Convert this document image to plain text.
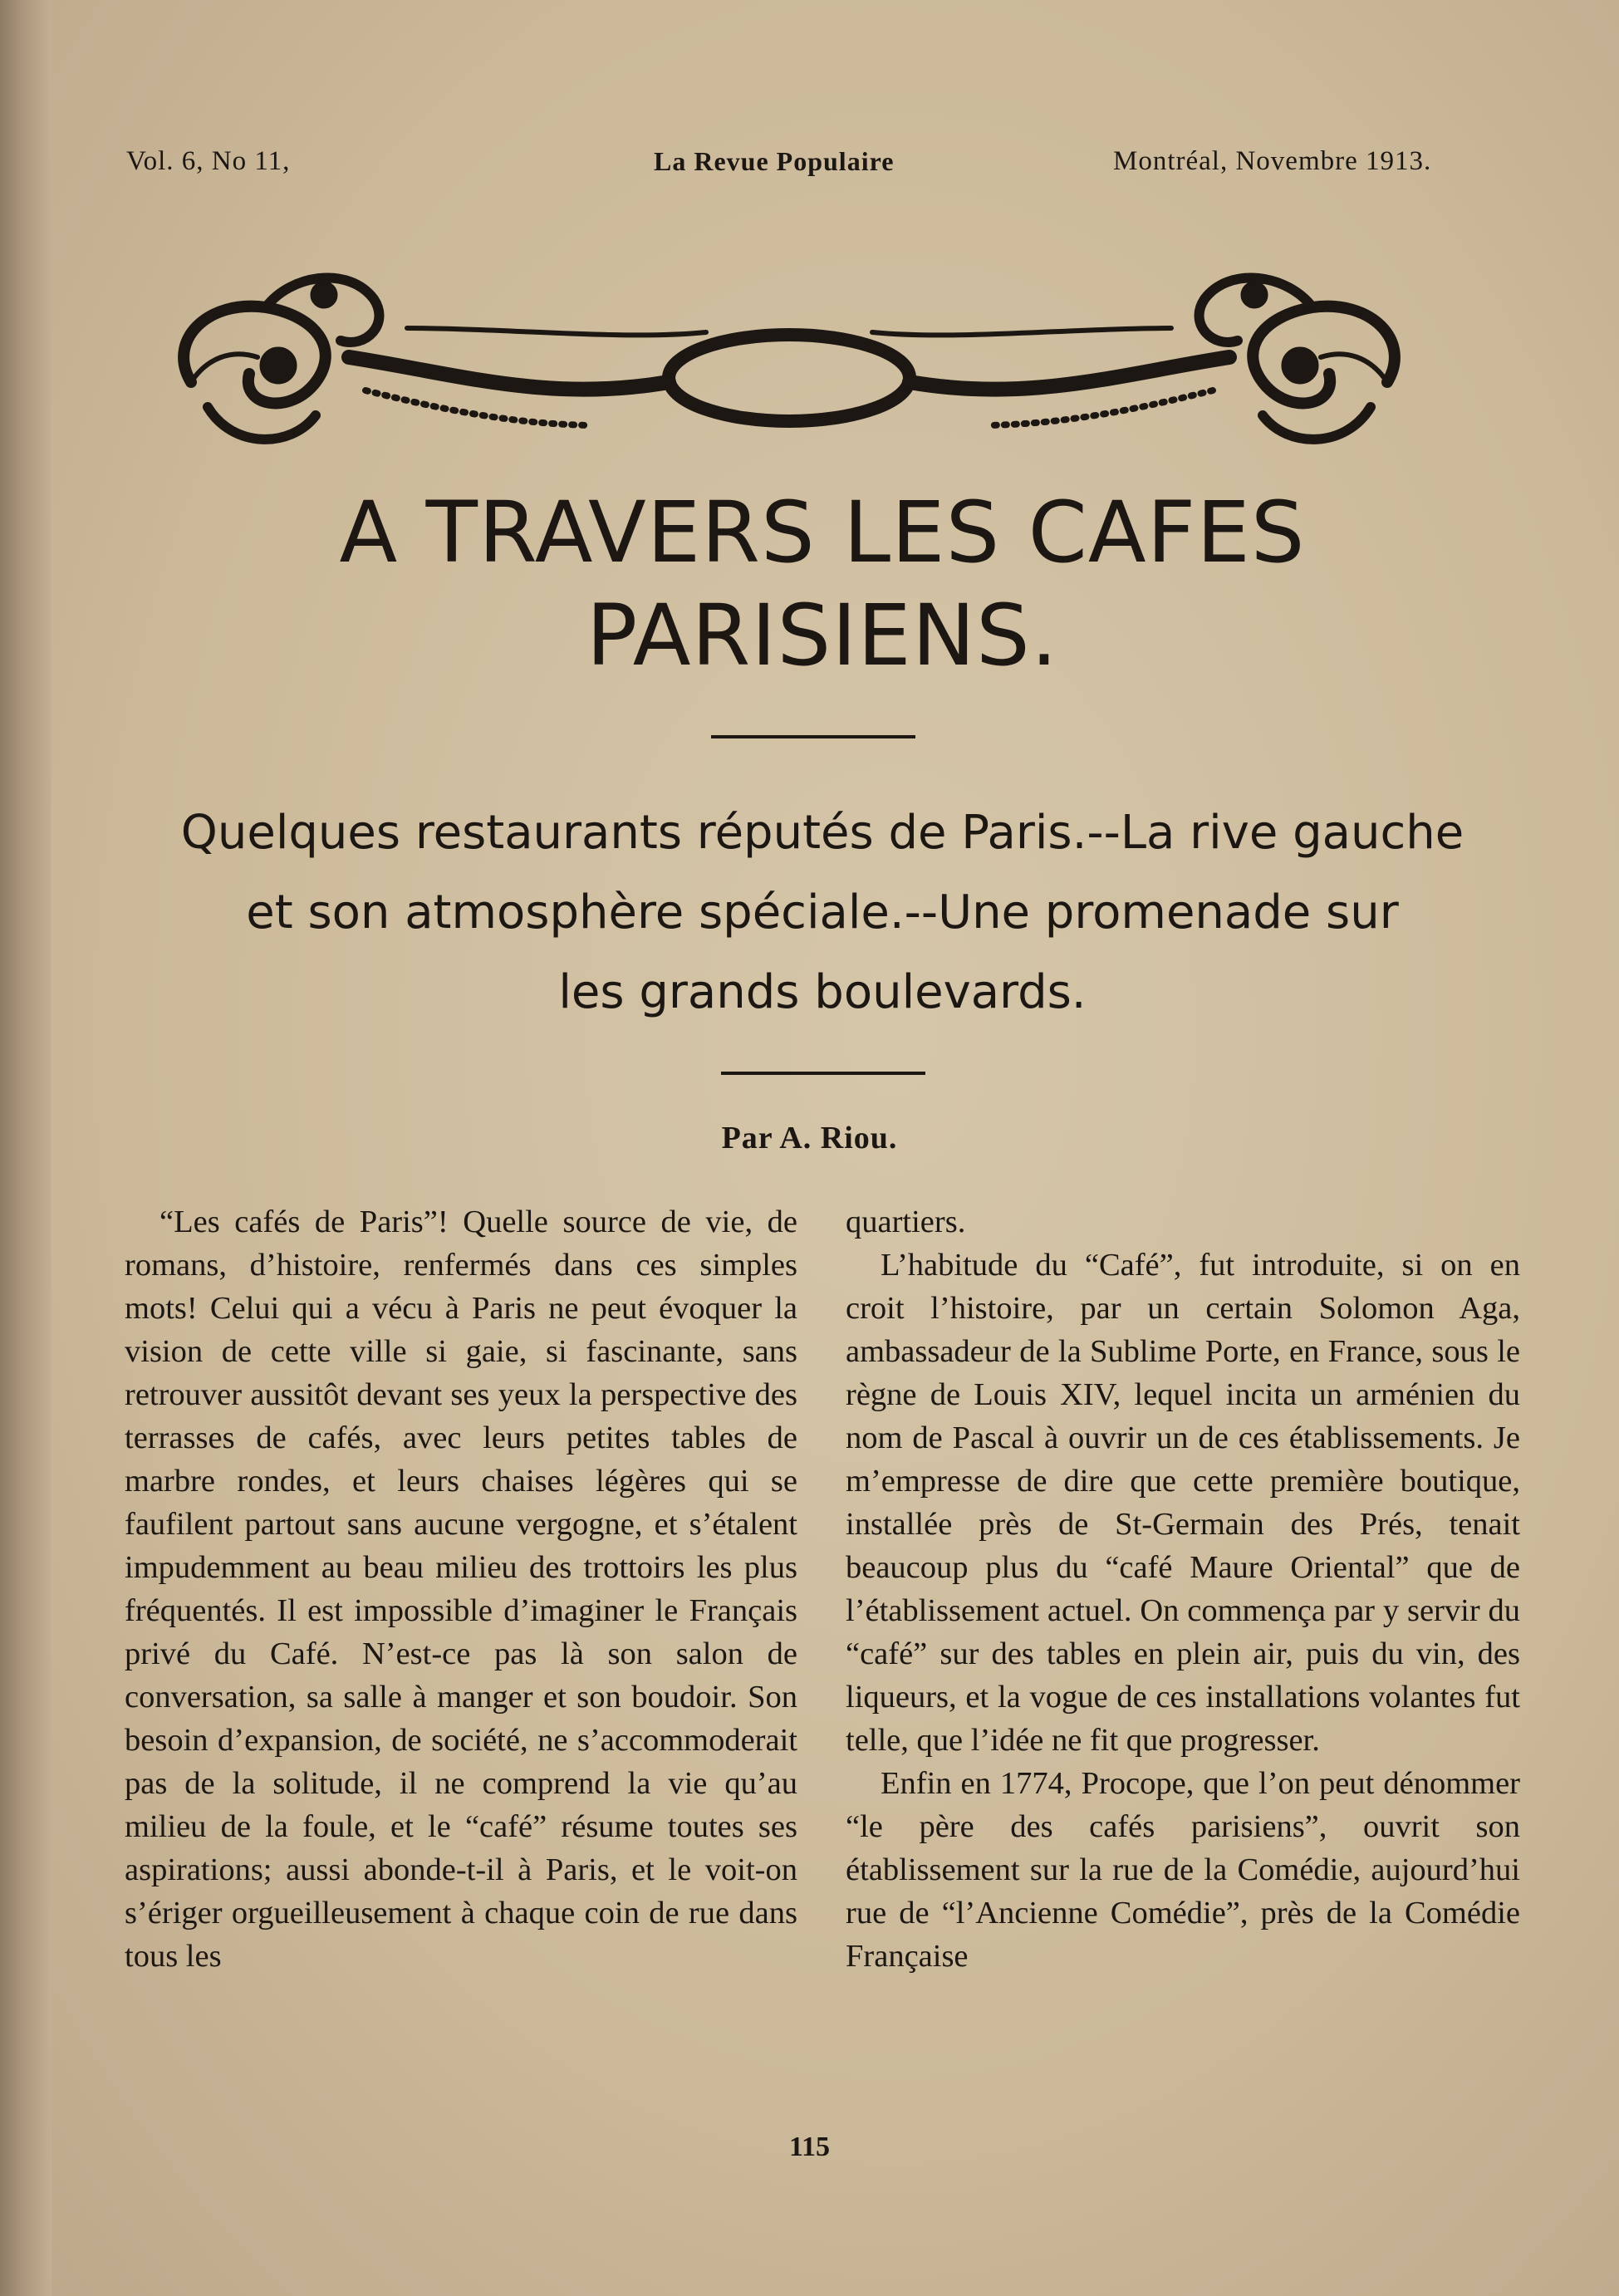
Vol. 6, No 11,	La Revue Populaire	Montréal, Novembre 1913.
A TRAVERS LES CAFES
PARISIENS.
Quelques restaurants réputés de Paris.--La rive gauche
et son atmosphère spéciale.--Une promenade sur
les grands boulevards.
Par A. Riou.

“Les cafés de Paris”! Quelle source de vie, de romans, d’histoire, renfermés dans ces simples mots! Celui qui a vécu à Paris ne peut évoquer la vision de cette ville si gaie, si fascinante, sans retrouver aussitôt devant ses yeux la perspective des terrasses de cafés, avec leurs petites tables de marbre rondes, et leurs chaises légères qui se faufilent partout sans aucune vergogne, et s’étalent impudemment au beau milieu des trottoirs les plus fréquentés. Il est impossible d’imaginer le Français privé du Café. N’est-ce pas là son salon de conversation, sa salle à manger et son boudoir. Son besoin d’expansion, de société, ne s’accommoderait pas de la solitude, il ne comprend la vie qu’au milieu de la foule, et le “café” résume toutes ses aspirations; aussi abonde-t-il à Paris, et le voit-on s’ériger orgueilleusement à chaque coin de rue dans tous les

quartiers.

L’habitude du “Café”, fut introduite, si on en croit l’histoire, par un certain Solomon Aga, ambassadeur de la Sublime Porte, en France, sous le règne de Louis XIV, lequel incita un arménien du nom de Pascal à ouvrir un de ces établissements. Je m’empresse de dire que cette première boutique, installée près de St-Germain des Prés, tenait beaucoup plus du “café Maure Oriental” que de l’établissement actuel. On commença par y servir du “café” sur des tables en plein air, puis du vin, des liqueurs, et la vogue de ces installations volantes fut telle, que l’idée ne fit que progresser.

Enfin en 1774, Procope, que l’on peut dénommer “le père des cafés parisiens”, ouvrit son établissement sur la rue de la Comédie, aujourd’hui rue de “l’Ancienne Comédie”, près de la Comédie Française

115
